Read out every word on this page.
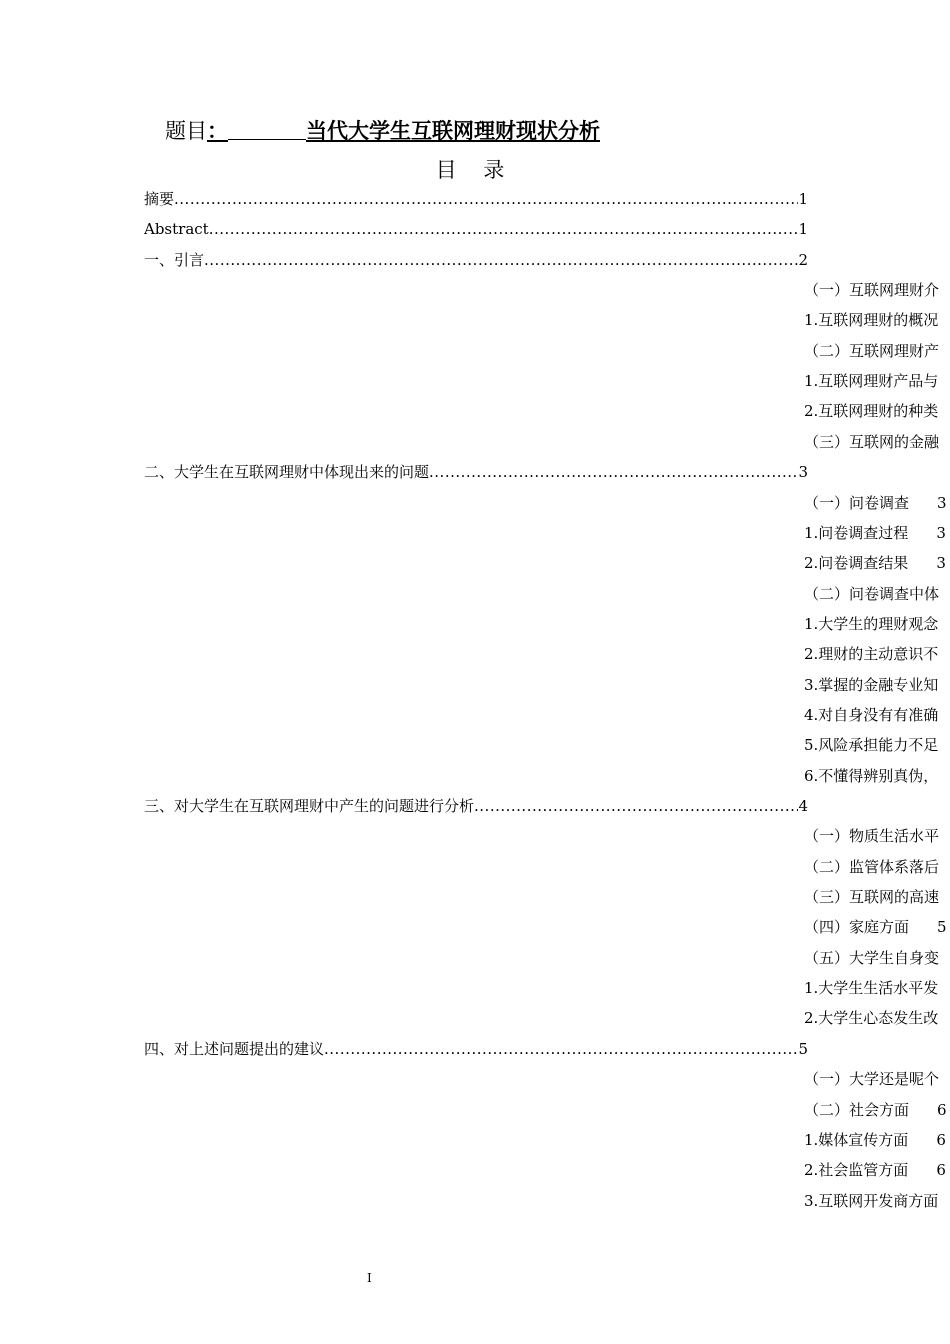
题目：	当代大学生互联网理财现状分析
目 录
摘要 .....	1
Abstract .....	1
一、引言 .....	2
（一）互联网理财介
1.互联网理财的概况
（二）互联网理财产
1.互联网理财产品与
2.互联网理财的种类
（三）互联网的金融
二、大学生在互联网理财中体现出来的问题 .....	3
（一）问卷调查 3
1.问卷调查过程 3
2.问卷调查结果 3
（二）问卷调查中体
1.大学生的理财观念
2.理财的主动意识不
3.掌握的金融专业知
4.对自身没有有准确
5.风险承担能力不足
6.不懂得辨别真伪，
三、对大学生在互联网理财中产生的问题进行分析 .....	4
（一）物质生活水平
（二）监管体系落后
（三）互联网的高速
（四）家庭方面 5
（五）大学生自身变
1.大学生生活水平发
2.大学生心态发生改
四、对上述问题提出的建议 .....	5
（一）大学还是呢个
（二）社会方面 6
1.媒体宣传方面 6
2.社会监管方面 6
3.互联网开发商方面
I
